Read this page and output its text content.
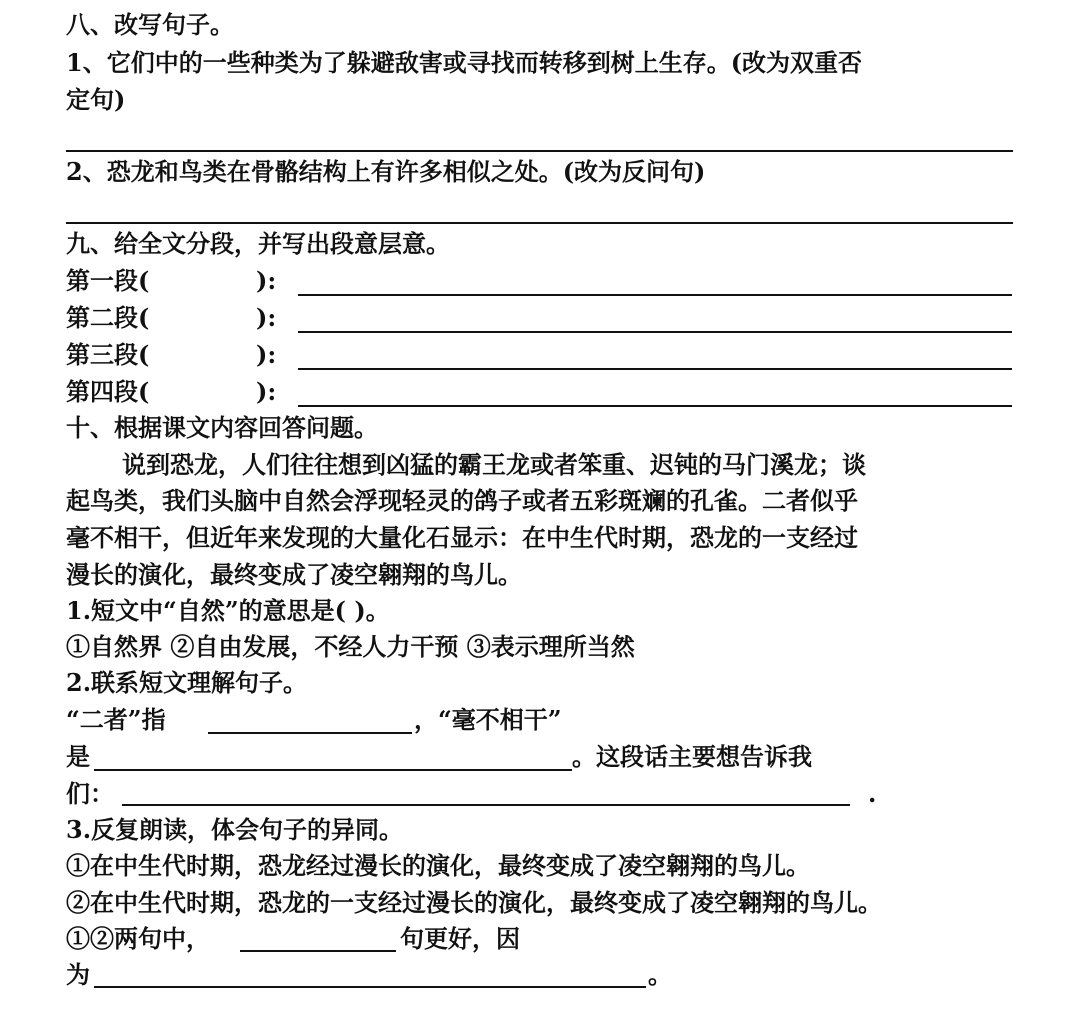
八、改写句子。
1、它们中的一些种类为了躲避敌害或寻找而转移到树上生存。(改为双重否
定句)
2、恐龙和鸟类在骨骼结构上有许多相似之处。(改为反问句)
九、给全文分段，并写出段意层意。
第一段(	):
第二段(	):
第三段(	):
第四段(	):
十、根据课文内容回答问题。
说到恐龙，人们往往想到凶猛的霸王龙或者笨重、迟钝的马门溪龙；谈
起鸟类，我们头脑中自然会浮现轻灵的鸽子或者五彩斑斓的孔雀。二者似乎
毫不相干，但近年来发现的大量化石显示：在中生代时期，恐龙的一支经过
漫长的演化，最终变成了凌空翱翔的鸟儿。
1.短文中“自然”的意思是( )。
①自然界 ②自由发展，不经人力干预 ③表示理所当然
2.联系短文理解句子。
“二者”指	，“毫不相干”
是	。这段话主要想告诉我
们：	.
3.反复朗读，体会句子的异同。
①在中生代时期，恐龙经过漫长的演化，最终变成了凌空翱翔的鸟儿。
②在中生代时期，恐龙的一支经过漫长的演化，最终变成了凌空翱翔的鸟儿。
①②两句中，	句更好，因
为	。
